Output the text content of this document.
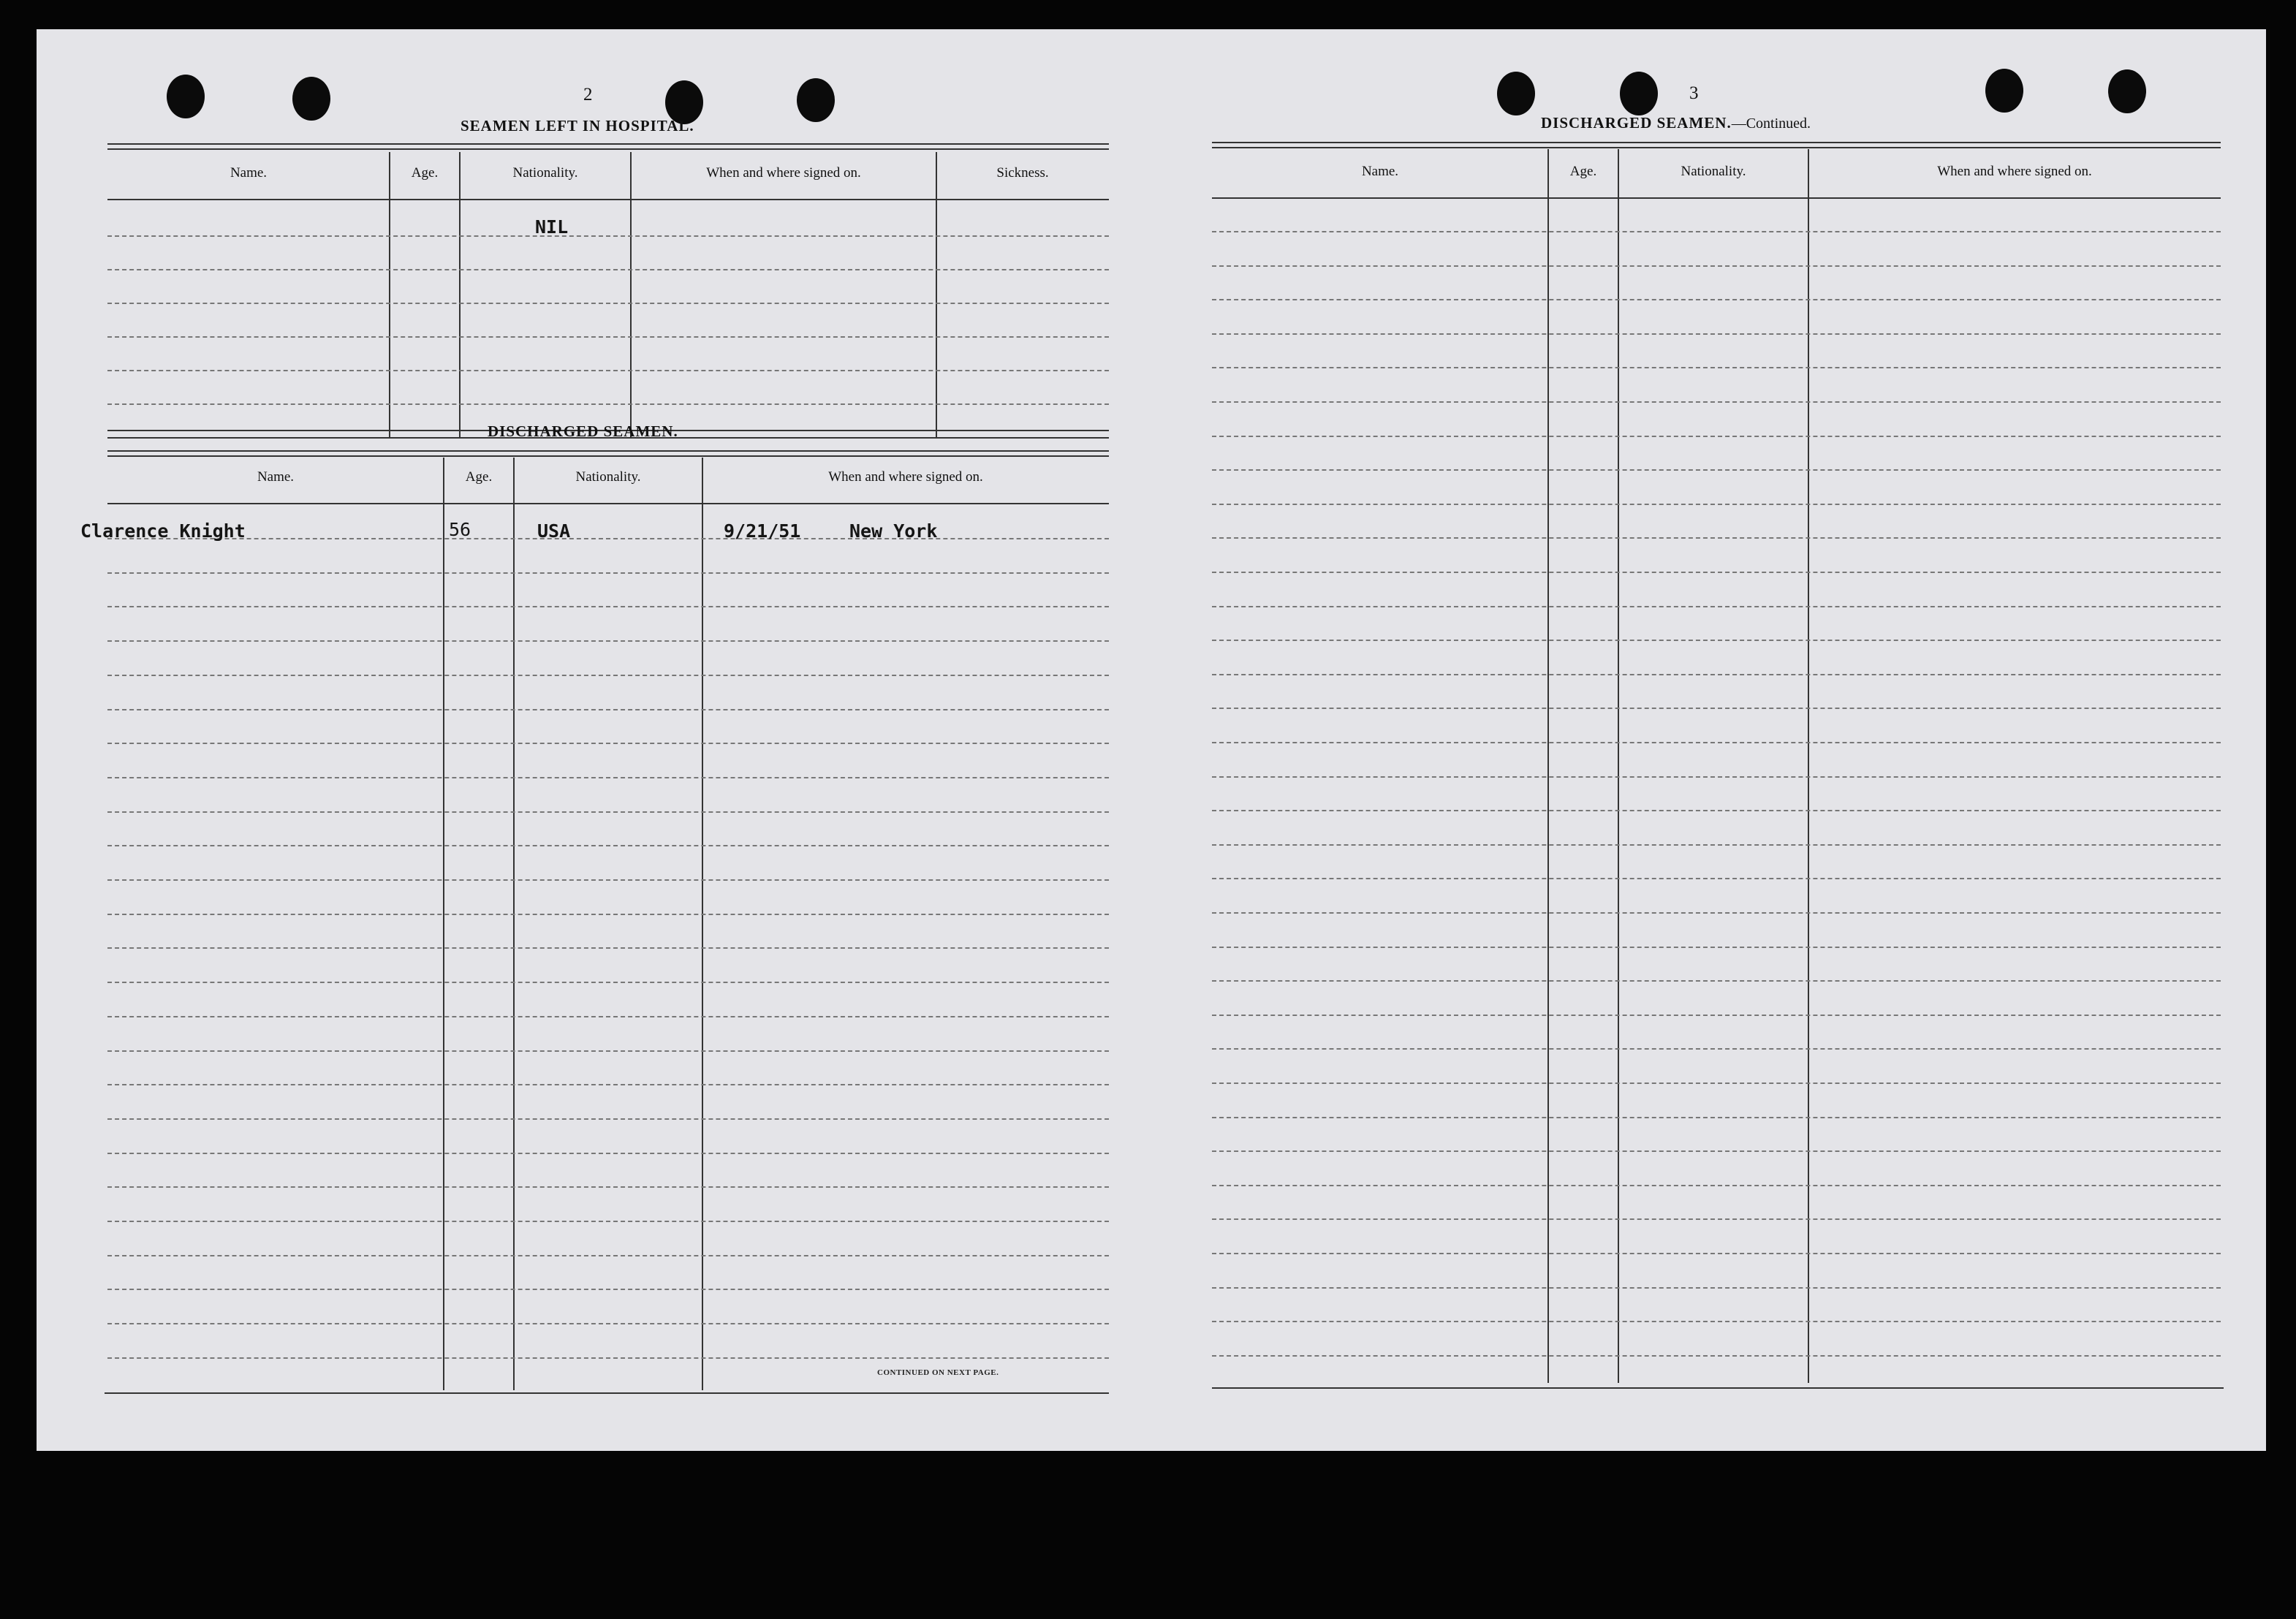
2
SEAMEN LEFT IN HOSPITAL.
Name.	Age.	Nationality.	When and where signed on.	Sickness.
NIL
DISCHARGED SEAMEN.
Name.	Age.	Nationality.	When and where signed on.
Clarence Knight	56	USA	9/21/51	New York
CONTINUED ON NEXT PAGE.
3
DISCHARGED SEAMEN.—Continued.
Name.	Age.	Nationality.	When and where signed on.
